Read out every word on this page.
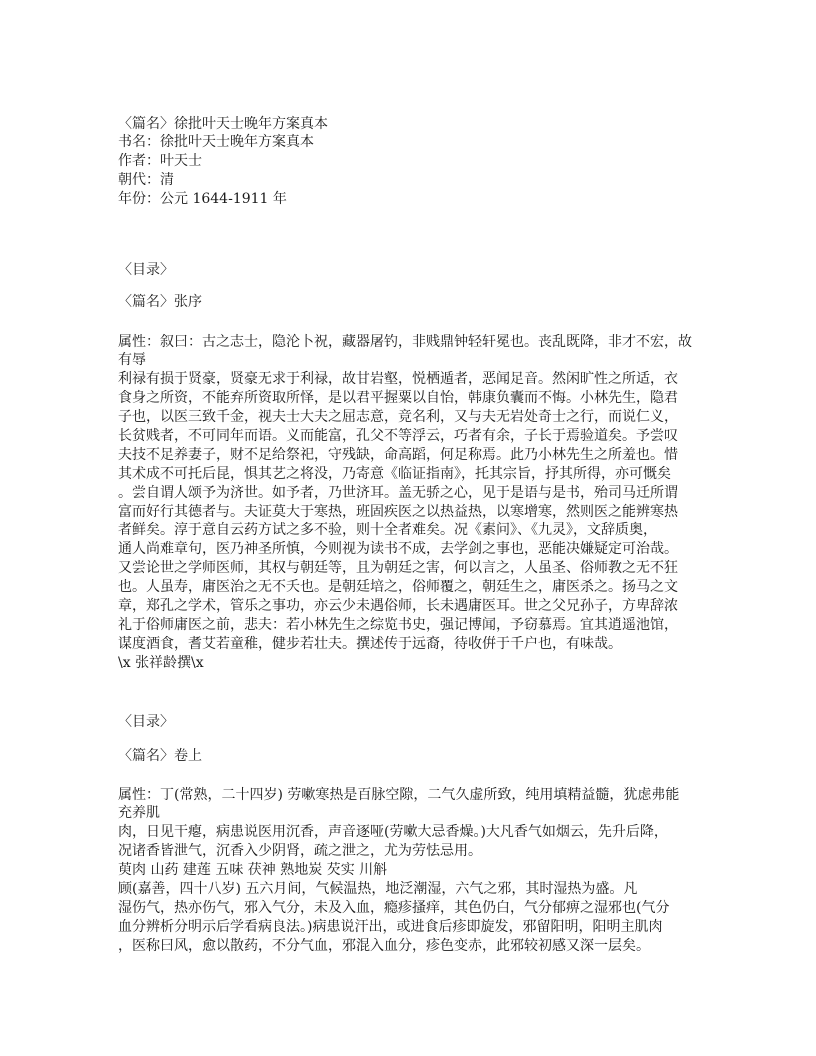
〈篇名〉徐批叶天士晚年方案真本
书名：徐批叶天士晚年方案真本
作者：叶天士
朝代：清
年份：公元 1644-1911 年
〈目录〉
〈篇名〉张序
属性：叙曰：古之志士，隐沦卜祝，藏器屠钓，非贱鼎钟轻轩冕也。丧乱既降，非才不宏，故
有辱
利禄有损于贤豪，贤豪无求于利禄，故甘岩壑，悦栖遁者，恶闻足音。然闲旷性之所适，衣
食身之所资，不能弃所资取所怿，是以君平握粟以自怡，韩康负囊而不悔。小林先生，隐君
子也，以医三致千金，视夫士大夫之屈志意，竞名利，又与夫无岩处奇士之行，而说仁义，
长贫贱者，不可同年而语。义而能富，孔父不等浮云，巧者有余，子长于焉验道矣。予尝叹
夫技不足养妻子，财不足给祭祀，守残缺，命高蹈，何足称焉。此乃小林先生之所羞也。惜
其术成不可托后昆，惧其艺之将没，乃寄意《临证指南》，托其宗旨，抒其所得，亦可慨矣
。尝自谓人颂予为济世。如予者，乃世济耳。盖无骄之心，见于是语与是书，殆司马迁所谓
富而好行其德者与。夫证莫大于寒热，班固疾医之以热益热，以寒增寒，然则医之能辨寒热
者鲜矣。淳于意自云药方试之多不验，则十全者难矣。况《素问》、《九灵》，文辞质奥，
通人尚难章句，医乃神圣所慎，今则视为读书不成，去学剑之事也，恶能决嫌疑定可治哉。
又尝论世之学师医师，其权与朝廷等，且为朝廷之害，何以言之，人虽圣、俗师教之无不狂
也。人虽寿，庸医治之无不夭也。是朝廷培之，俗师覆之，朝廷生之，庸医杀之。扬马之文
章，郑孔之学术，管乐之事功，亦云少未遇俗师，长未遇庸医耳。世之父兄孙子，方卑辞浓
礼于俗师庸医之前，悲夫：若小林先生之综览书史，强记博闻，予窃慕焉。宜其逍遥池馆，
谋度酒食，耆艾若童稚，健步若壮夫。撰述传于远裔，待收倂于千户也，有味哉。
\x 张祥龄撰\x
〈目录〉
〈篇名〉卷上
属性：丁(常熟，二十四岁) 劳嗽寒热是百脉空隙，二气久虚所致，纯用填精益髓，犹虑弗能
充养肌
肉，日见干瘪，病患说医用沉香，声音逐哑(劳嗽大忌香燥。)大凡香气如烟云，先升后降，
况诸香皆泄气，沉香入少阴肾，疏之泄之，尤为劳怯忌用。
萸肉 山药 建莲 五味 茯神 熟地炭 芡实 川斛
顾(嘉善，四十八岁) 五六月间，气候温热，地泛潮湿，六气之邪，其时湿热为盛。凡
湿伤气，热亦伤气，邪入气分，未及入血，瘾疹搔痒，其色仍白，气分郁痹之湿邪也(气分
血分辨析分明示后学看病良法。)病患说汗出，或进食后疹即旋发，邪留阳明，阳明主肌肉
，医称曰风，愈以散药，不分气血，邪混入血分，疹色变赤，此邪较初感又深一层矣。
